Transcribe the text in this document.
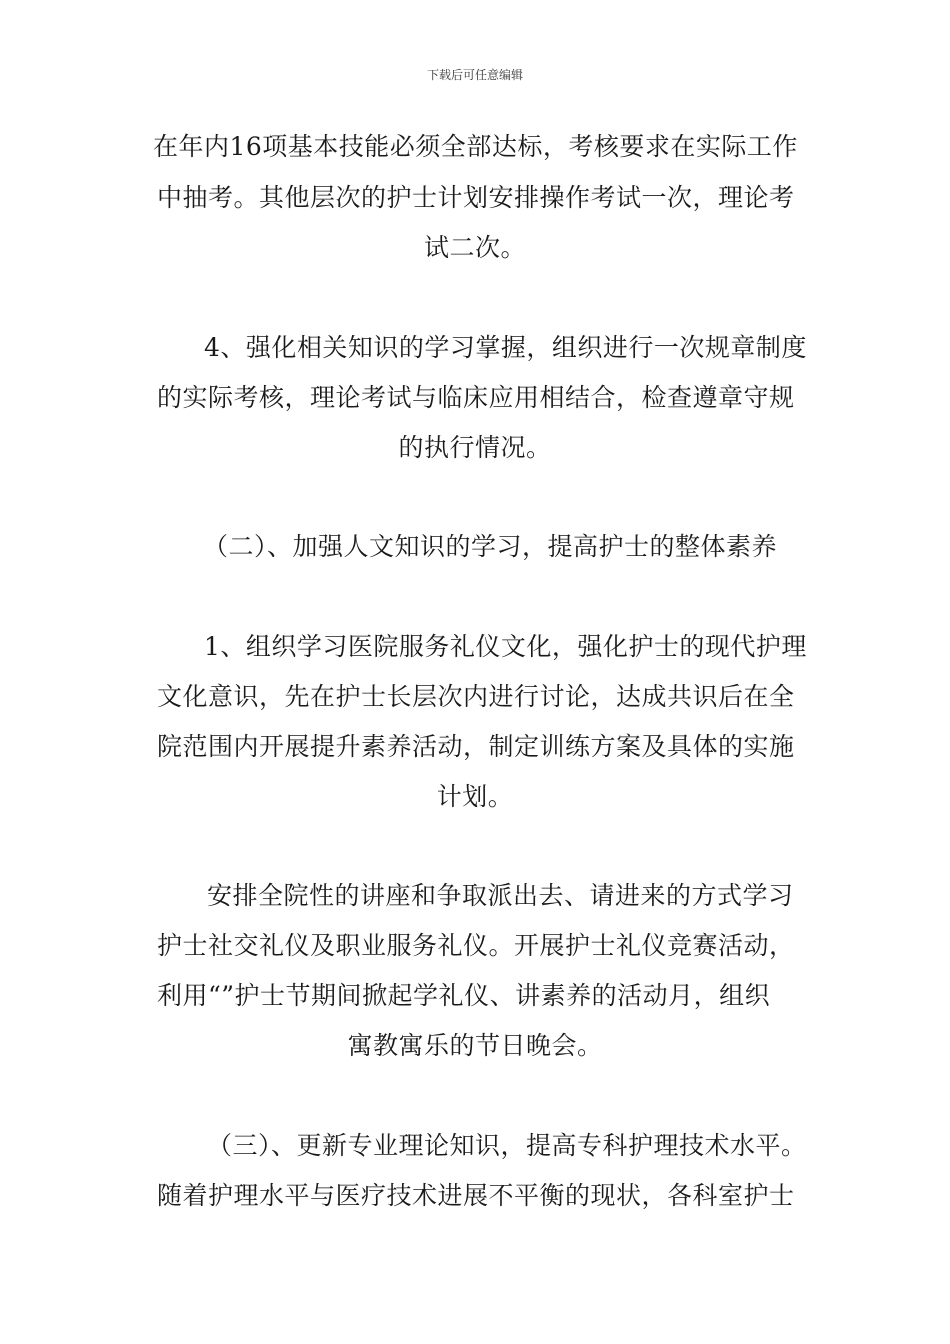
下载后可任意编辑
在年内16项基本技能必须全部达标，考核要求在实际工作
中抽考。其他层次的护士计划安排操作考试一次，理论考
试二次。
4、强化相关知识的学习掌握，组织进行一次规章制度
的实际考核，理论考试与临床应用相结合，检查遵章守规
的执行情况。
（二）、加强人文知识的学习，提高护士的整体素养
1、组织学习医院服务礼仪文化，强化护士的现代护理
文化意识，先在护士长层次内进行讨论，达成共识后在全
院范围内开展提升素养活动，制定训练方案及具体的实施
计划。
安排全院性的讲座和争取派出去、请进来的方式学习
护士社交礼仪及职业服务礼仪。开展护士礼仪竞赛活动，
利用“”护士节期间掀起学礼仪、讲素养的活动月，组织
寓教寓乐的节日晚会。
（三）、更新专业理论知识，提高专科护理技术水平。
随着护理水平与医疗技术进展不平衡的现状，各科室护士
